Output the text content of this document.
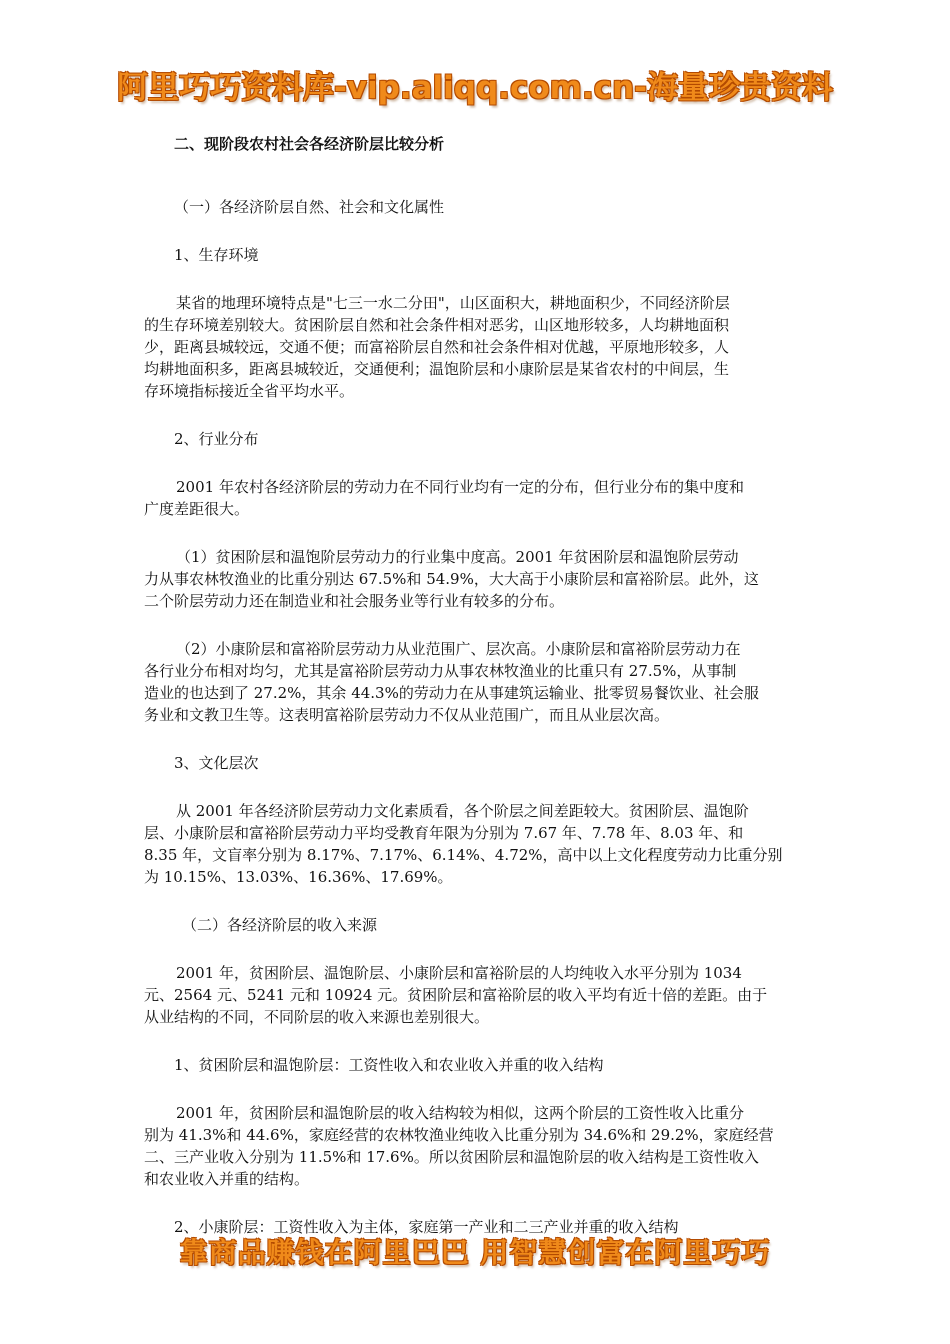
阿里巧巧资料库-vip.aliqq.com.cn-海量珍贵资料

二、现阶段农村社会各经济阶层比较分析

（一）各经济阶层自然、社会和文化属性

1、生存环境

某省的地理环境特点是"七三一水二分田"，山区面积大，耕地面积少，不同经济阶层

的生存环境差别较大。贫困阶层自然和社会条件相对恶劣，山区地形较多，人均耕地面积

少，距离县城较远，交通不便；而富裕阶层自然和社会条件相对优越，平原地形较多，人

均耕地面积多，距离县城较近，交通便利；温饱阶层和小康阶层是某省农村的中间层，生

存环境指标接近全省平均水平。

2、行业分布

2001 年农村各经济阶层的劳动力在不同行业均有一定的分布，但行业分布的集中度和

广度差距很大。

（1）贫困阶层和温饱阶层劳动力的行业集中度高。2001 年贫困阶层和温饱阶层劳动

力从事农林牧渔业的比重分别达 67.5%和 54.9%，大大高于小康阶层和富裕阶层。此外，这

二个阶层劳动力还在制造业和社会服务业等行业有较多的分布。

（2）小康阶层和富裕阶层劳动力从业范围广、层次高。小康阶层和富裕阶层劳动力在

各行业分布相对均匀，尤其是富裕阶层劳动力从事农林牧渔业的比重只有 27.5%，从事制

造业的也达到了 27.2%，其余 44.3%的劳动力在从事建筑运输业、批零贸易餐饮业、社会服

务业和文教卫生等。这表明富裕阶层劳动力不仅从业范围广，而且从业层次高。

3、文化层次

从 2001 年各经济阶层劳动力文化素质看，各个阶层之间差距较大。贫困阶层、温饱阶

层、小康阶层和富裕阶层劳动力平均受教育年限为分别为 7.67 年、7.78 年、8.03 年、和

8.35 年，文盲率分别为 8.17%、7.17%、6.14%、4.72%，高中以上文化程度劳动力比重分别

为 10.15%、13.03%、16.36%、17.69%。

（二）各经济阶层的收入来源

2001 年，贫困阶层、温饱阶层、小康阶层和富裕阶层的人均纯收入水平分别为 1034

元、2564 元、5241 元和 10924 元。贫困阶层和富裕阶层的收入平均有近十倍的差距。由于

从业结构的不同，不同阶层的收入来源也差别很大。

1、贫困阶层和温饱阶层：工资性收入和农业收入并重的收入结构

2001 年，贫困阶层和温饱阶层的收入结构较为相似，这两个阶层的工资性收入比重分

别为 41.3%和 44.6%，家庭经营的农林牧渔业纯收入比重分别为 34.6%和 29.2%，家庭经营

二、三产业收入分别为 11.5%和 17.6%。所以贫困阶层和温饱阶层的收入结构是工资性收入

和农业收入并重的结构。

2、小康阶层：工资性收入为主体，家庭第一产业和二三产业并重的收入结构

靠商品赚钱在阿里巴巴 用智慧创富在阿里巧巧
